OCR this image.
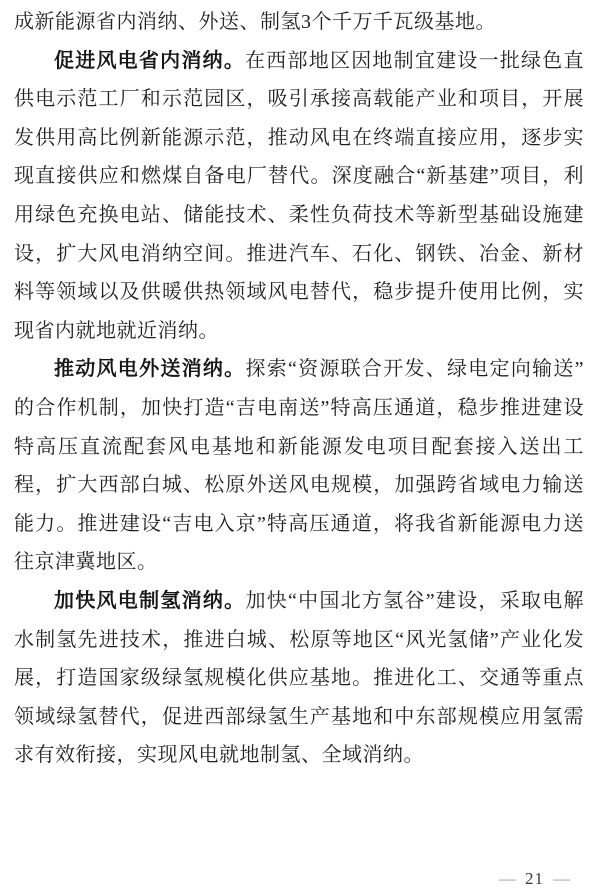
成新能源省内消纳、外送、制氢3个千万千瓦级基地。

促进风电省内消纳。在西部地区因地制宜建设一批绿色直供电示范工厂和示范园区，吸引承接高载能产业和项目，开展发供用高比例新能源示范，推动风电在终端直接应用，逐步实现直接供应和燃煤自备电厂替代。深度融合“新基建”项目，利用绿色充换电站、储能技术、柔性负荷技术等新型基础设施建设，扩大风电消纳空间。推进汽车、石化、钢铁、冶金、新材料等领域以及供暖供热领域风电替代，稳步提升使用比例，实现省内就地就近消纳。

推动风电外送消纳。探索“资源联合开发、绿电定向输送”的合作机制，加快打造“吉电南送”特高压通道，稳步推进建设特高压直流配套风电基地和新能源发电项目配套接入送出工程，扩大西部白城、松原外送风电规模，加强跨省域电力输送能力。推进建设“吉电入京”特高压通道，将我省新能源电力送往京津冀地区。

加快风电制氢消纳。加快“中国北方氢谷”建设，采取电解水制氢先进技术，推进白城、松原等地区“风光氢储”产业化发展，打造国家级绿氢规模化供应基地。推进化工、交通等重点领域绿氢替代，促进西部绿氢生产基地和中东部规模应用氢需求有效衔接，实现风电就地制氢、全域消纳。

— 21 —
